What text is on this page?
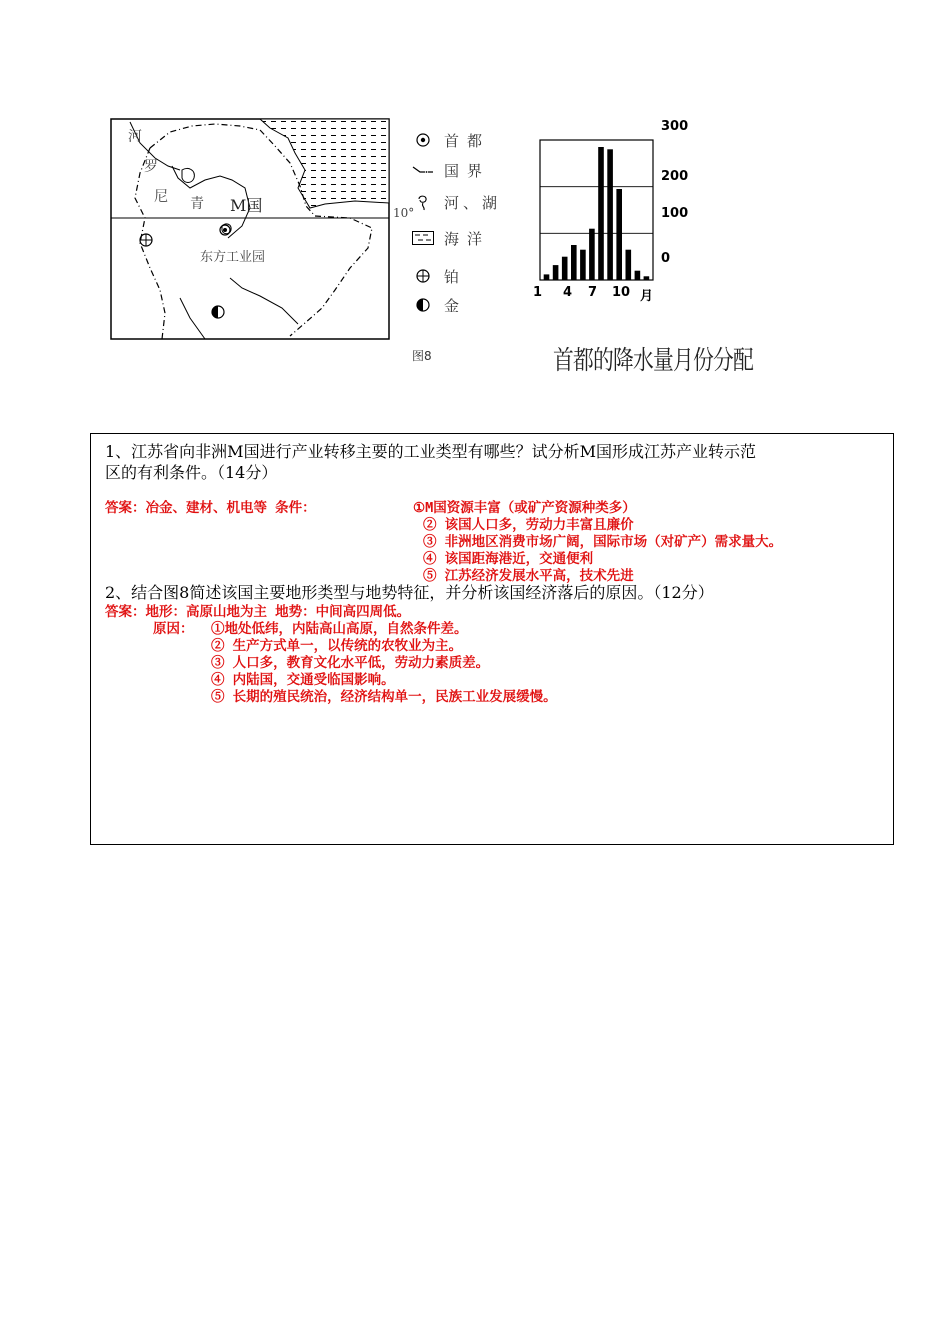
河
罗
尼 青 M国	10°
东方工业园
首都
国界
河、湖
海洋
铂
金
图8
300
200
100
0
1 4 7 10 月
首都的降水量月份分配
1、江苏省向非洲M国进行产业转移主要的工业类型有哪些？试分析M国形成江苏产业转示范
区的有利条件。（14分）
答案：冶金、建材、机电等 条件：	①M国资源丰富（或矿产资源种类多）
② 该国人口多，劳动力丰富且廉价
③ 非洲地区消费市场广阔，国际市场（对矿产）需求量大。
④ 该国距海港近，交通便利
⑤ 江苏经济发展水平高，技术先进
2、结合图8简述该国主要地形类型与地势特征，并分析该国经济落后的原因。（12分）
答案：地形：高原山地为主 地势：中间高四周低。
原因： ①地处低纬，内陆高山高原，自然条件差。
② 生产方式单一，以传统的农牧业为主。
③ 人口多，教育文化水平低，劳动力素质差。
④ 内陆国，交通受临国影响。
⑤ 长期的殖民统治，经济结构单一，民族工业发展缓慢。
